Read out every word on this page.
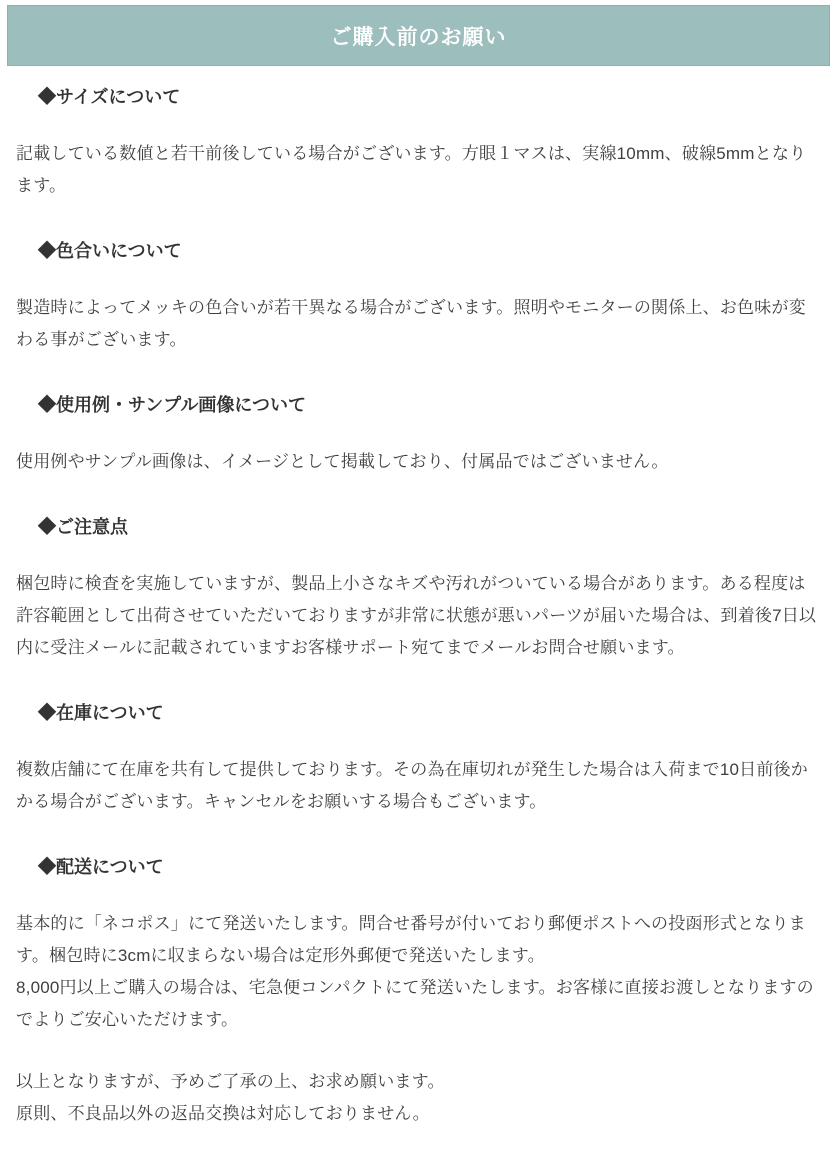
ご購入前のお願い
◆サイズについて
記載している数値と若干前後している場合がございます。方眼１マスは、実線10mm、破線5mmとなります。
◆色合いについて
製造時によってメッキの色合いが若干異なる場合がございます。照明やモニターの関係上、お色味が変わる事がございます。
◆使用例・サンプル画像について
使用例やサンプル画像は、イメージとして掲載しており、付属品ではございません。
◆ご注意点
梱包時に検査を実施していますが、製品上小さなキズや汚れがついている場合があります。ある程度は許容範囲として出荷させていただいておりますが非常に状態が悪いパーツが届いた場合は、到着後7日以内に受注メールに記載されていますお客様サポート宛てまでメールお問合せ願います。
◆在庫について
複数店舗にて在庫を共有して提供しております。その為在庫切れが発生した場合は入荷まで10日前後かかる場合がございます。キャンセルをお願いする場合もございます。
◆配送について
基本的に「ネコポス」にて発送いたします。問合せ番号が付いており郵便ポストへの投函形式となります。梱包時に3cmに収まらない場合は定形外郵便で発送いたします。
8,000円以上ご購入の場合は、宅急便コンパクトにて発送いたします。お客様に直接お渡しとなりますのでよりご安心いただけます。
以上となりますが、予めご了承の上、お求め願います。
原則、不良品以外の返品交換は対応しておりません。
